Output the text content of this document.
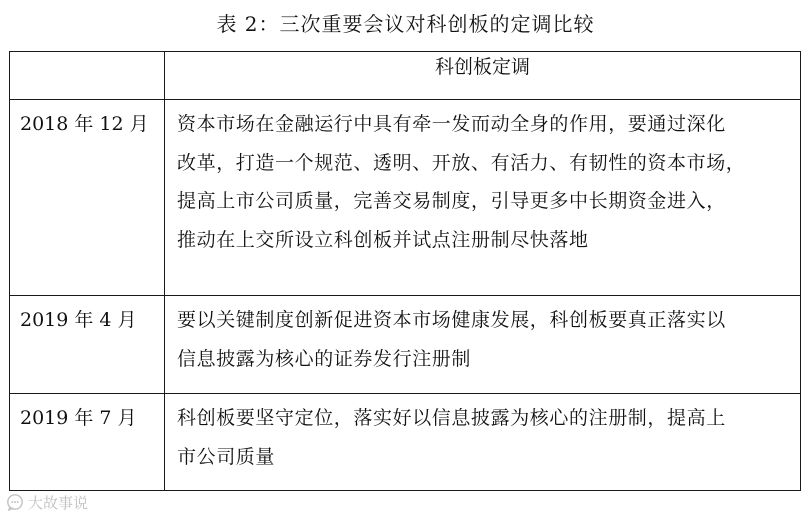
表 2：三次重要会议对科创板的定调比较
	科创板定调
2018 年 12 月	资本市场在金融运行中具有牵一发而动全身的作用，要通过深化
改革，打造一个规范、透明、开放、有活力、有韧性的资本市场，
提高上市公司质量，完善交易制度，引导更多中长期资金进入，
推动在上交所设立科创板并试点注册制尽快落地

2019 年 4 月	要以关键制度创新促进资本市场健康发展，科创板要真正落实以
信息披露为核心的证券发行注册制

2019 年 7 月	科创板要坚守定位，落实好以信息披露为核心的注册制，提高上
市公司质量
大故事说
